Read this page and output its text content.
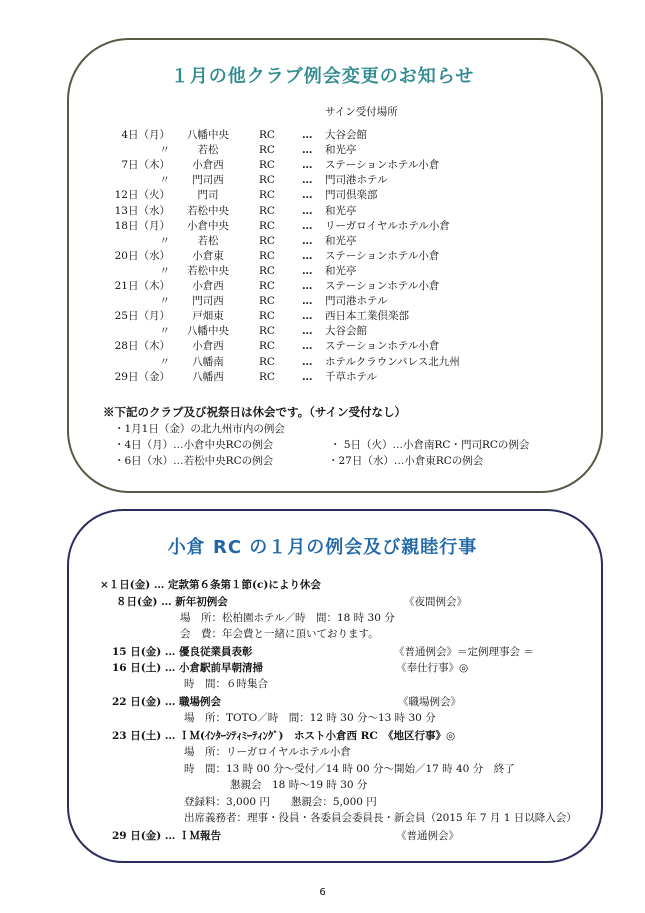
１月の他クラブ例会変更のお知らせ
サイン受付場所
4日（月）	八幡中央	RC	…	大谷会館
〃	若松	RC	…	和光亭
7日（木）	小倉西	RC	…	ステーションホテル小倉
〃	門司西	RC	…	門司港ホテル
12日（火）	門司	RC	…	門司倶楽部
13日（水）	若松中央	RC	…	和光亭
18日（月）	小倉中央	RC	…	リーガロイヤルホテル小倉
〃	若松	RC	…	和光亭
20日（水）	小倉東	RC	…	ステーションホテル小倉
〃	若松中央	RC	…	和光亭
21日（木）	小倉西	RC	…	ステーションホテル小倉
〃	門司西	RC	…	門司港ホテル
25日（月）	戸畑東	RC	…	西日本工業倶楽部
〃	八幡中央	RC	…	大谷会館
28日（木）	小倉西	RC	…	ステーションホテル小倉
〃	八幡南	RC	…	ホテルクラウンパレス北九州
29日（金）	八幡西	RC	…	千草ホテル
※下記のクラブ及び祝祭日は休会です。（サイン受付なし）
・1月1日（金）の北九州市内の例会
・4日（月）…小倉中央RCの例会	・ 5日（火）…小倉南RC・門司RCの例会
・6日（水）…若松中央RCの例会	・27日（水）…小倉東RCの例会
小倉 RC の１月の例会及び親睦行事
×１日(金) … 定款第６条第１節(c)により休会
８日(金) … 新年初例会	《夜間例会》
場　所：松柏園ホテル／時　間：18 時 30 分
会　費：年会費と一緒に頂いております。
15 日(金) … 優良従業員表彰	《普通例会》＝定例理事会 ＝
16 日(土) … 小倉駅前早朝清掃	《奉仕行事》◎
時　間：６時集合
22 日(金) … 職場例会	《職場例会》
場　所：TOTO／時　間：12 時 30 分～13 時 30 分
23 日(土) … ＩＭ(ｲﾝﾀｰｼﾃｨﾐｰﾃｨﾝｸﾞ)　ホスト小倉西 RC　《地区行事》◎
場　所：リーガロイヤルホテル小倉
時　間：13 時 00 分～受付／14 時 00 分～開始／17 時 40 分　終了
懇親会　18 時～19 時 30 分
登録料：3,000 円　　懇親会：5,000 円
出席義務者：理事・役員・各委員会委員長・新会員（2015 年 7 月 1 日以降入会）
29 日(金) … ＩＭ報告	《普通例会》
6
